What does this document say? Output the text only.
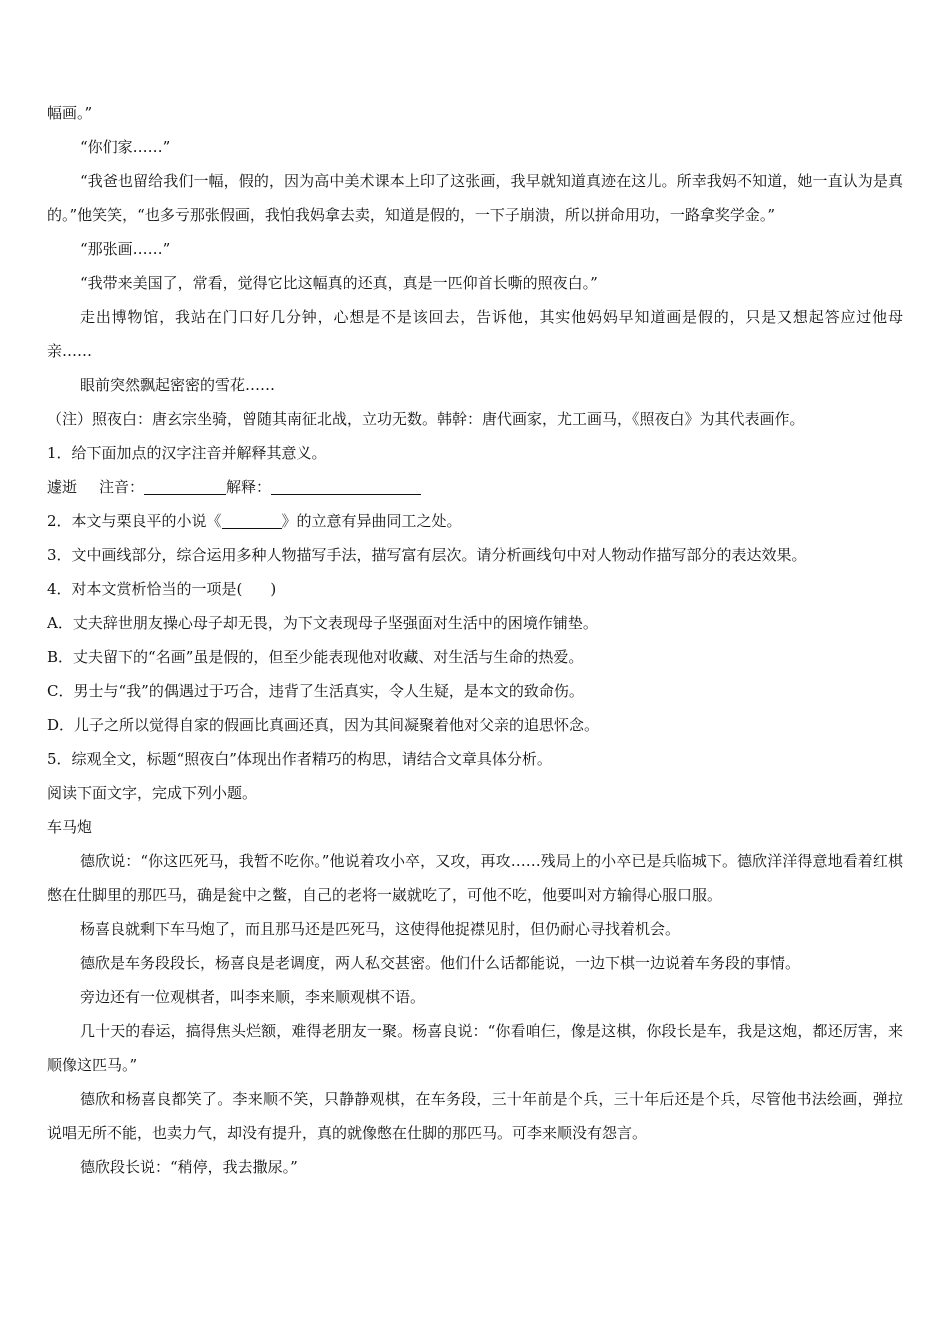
幅画。”

“你们家……”

“我爸也留给我们一幅，假的，因为高中美术课本上印了这张画，我早就知道真迹在这儿。所幸我妈不知道，她一直认为是真的。”他笑笑，“也多亏那张假画，我怕我妈拿去卖，知道是假的，一下子崩溃，所以拼命用功，一路拿奖学金。”

“那张画……”

“我带来美国了，常看，觉得它比这幅真的还真，真是一匹仰首长嘶的照夜白。”

走出博物馆，我站在门口好几分钟，心想是不是该回去，告诉他，其实他妈妈早知道画是假的，只是又想起答应过他母亲……

眼前突然飘起密密的雪花……

（注）照夜白：唐玄宗坐骑，曾随其南征北战，立功无数。韩幹：唐代画家，尤工画马，《照夜白》为其代表画作。

1．给下面加点的汉字注音并解释其意义。

遽逝 注音：	解释：

2．本文与栗良平的小说《	》的立意有异曲同工之处。

3．文中画线部分，综合运用多种人物描写手法，描写富有层次。请分析画线句中对人物动作描写部分的表达效果。

4．对本文赏析恰当的一项是( )

A．丈夫辞世朋友操心母子却无畏，为下文表现母子坚强面对生活中的困境作铺垫。

B．丈夫留下的“名画”虽是假的，但至少能表现他对收藏、对生活与生命的热爱。

C．男士与“我”的偶遇过于巧合，违背了生活真实，令人生疑，是本文的致命伤。

D．儿子之所以觉得自家的假画比真画还真，因为其间凝聚着他对父亲的追思怀念。

5．综观全文，标题“照夜白”体现出作者精巧的构思，请结合文章具体分析。

阅读下面文字，完成下列小题。

车马炮

德欣说：“你这匹死马，我暂不吃你。”他说着攻小卒，又攻，再攻……残局上的小卒已是兵临城下。德欣洋洋得意地看着红棋憋在仕脚里的那匹马，确是瓮中之鳖，自己的老将一崴就吃了，可他不吃，他要叫对方输得心服口服。

杨喜良就剩下车马炮了，而且那马还是匹死马，这使得他捉襟见肘，但仍耐心寻找着机会。

德欣是车务段段长，杨喜良是老调度，两人私交甚密。他们什么话都能说，一边下棋一边说着车务段的事情。

旁边还有一位观棋者，叫李来顺，李来顺观棋不语。

几十天的春运，搞得焦头烂额，难得老朋友一聚。杨喜良说：“你看咱仨，像是这棋，你段长是车，我是这炮，都还厉害，来顺像这匹马。”

德欣和杨喜良都笑了。李来顺不笑，只静静观棋，在车务段，三十年前是个兵，三十年后还是个兵，尽管他书法绘画，弹拉说唱无所不能，也卖力气，却没有提升，真的就像憋在仕脚的那匹马。可李来顺没有怨言。

德欣段长说：“稍停，我去撒尿。”
